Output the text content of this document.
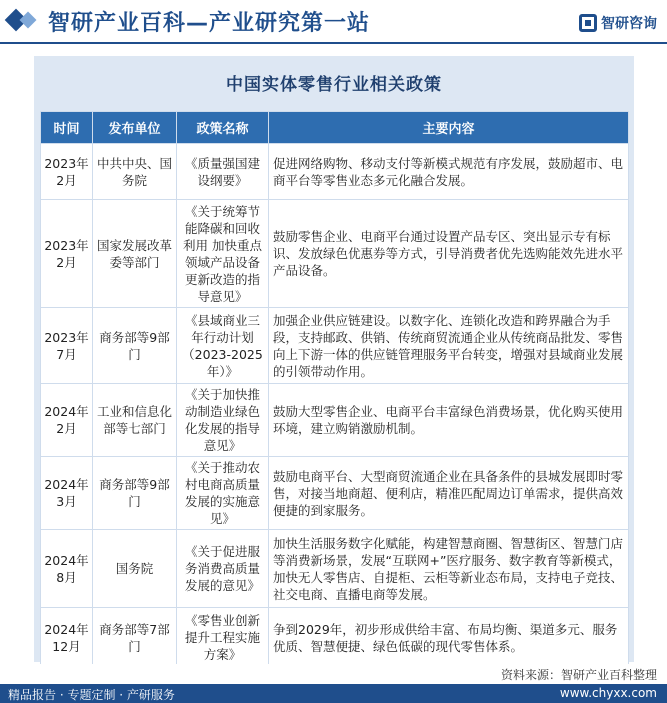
智研产业百科—产业研究第一站	智研咨询
中国实体零售行业相关政策
时间	发布单位	政策名称	主要内容
2023年2月	中共中央、国务院	《质量强国建设纲要》	促进网络购物、移动支付等新模式规范有序发展，鼓励超市、电商平台等零售业态多元化融合发展。
2023年2月	国家发展改革委等部门	《关于统筹节能降碳和回收利用 加快重点领域产品设备更新改造的指导意见》	鼓励零售企业、电商平台通过设置产品专区、突出显示专有标识、发放绿色优惠券等方式，引导消费者优先选购能效先进水平产品设备。
2023年7月	商务部等9部门	《县域商业三年行动计划（2023-2025年）》	加强企业供应链建设。以数字化、连锁化改造和跨界融合为手段，支持邮政、供销、传统商贸流通企业从传统商品批发、零售向上下游一体的供应链管理服务平台转变，增强对县域商业发展的引领带动作用。
2024年2月	工业和信息化部等七部门	《关于加快推动制造业绿色化发展的指导意见》	鼓励大型零售企业、电商平台丰富绿色消费场景，优化购买使用环境，建立购销激励机制。
2024年3月	商务部等9部门	《关于推动农村电商高质量发展的实施意见》	鼓励电商平台、大型商贸流通企业在具备条件的县城发展即时零售，对接当地商超、便利店，精准匹配周边订单需求，提供高效便捷的到家服务。
2024年8月	国务院	《关于促进服务消费高质量发展的意见》	加快生活服务数字化赋能，构建智慧商圈、智慧街区、智慧门店等消费新场景，发展“互联网+”医疗服务、数字教育等新模式，加快无人零售店、自提柜、云柜等新业态布局，支持电子竞技、社交电商、直播电商等发展。
2024年12月	商务部等7部门	《零售业创新提升工程实施方案》	争到2029年，初步形成供给丰富、布局均衡、渠道多元、服务优质、智慧便捷、绿色低碳的现代零售体系。
资料来源：智研产业百科整理
精品报告 · 专题定制 · 产研服务	www.chyxx.com
